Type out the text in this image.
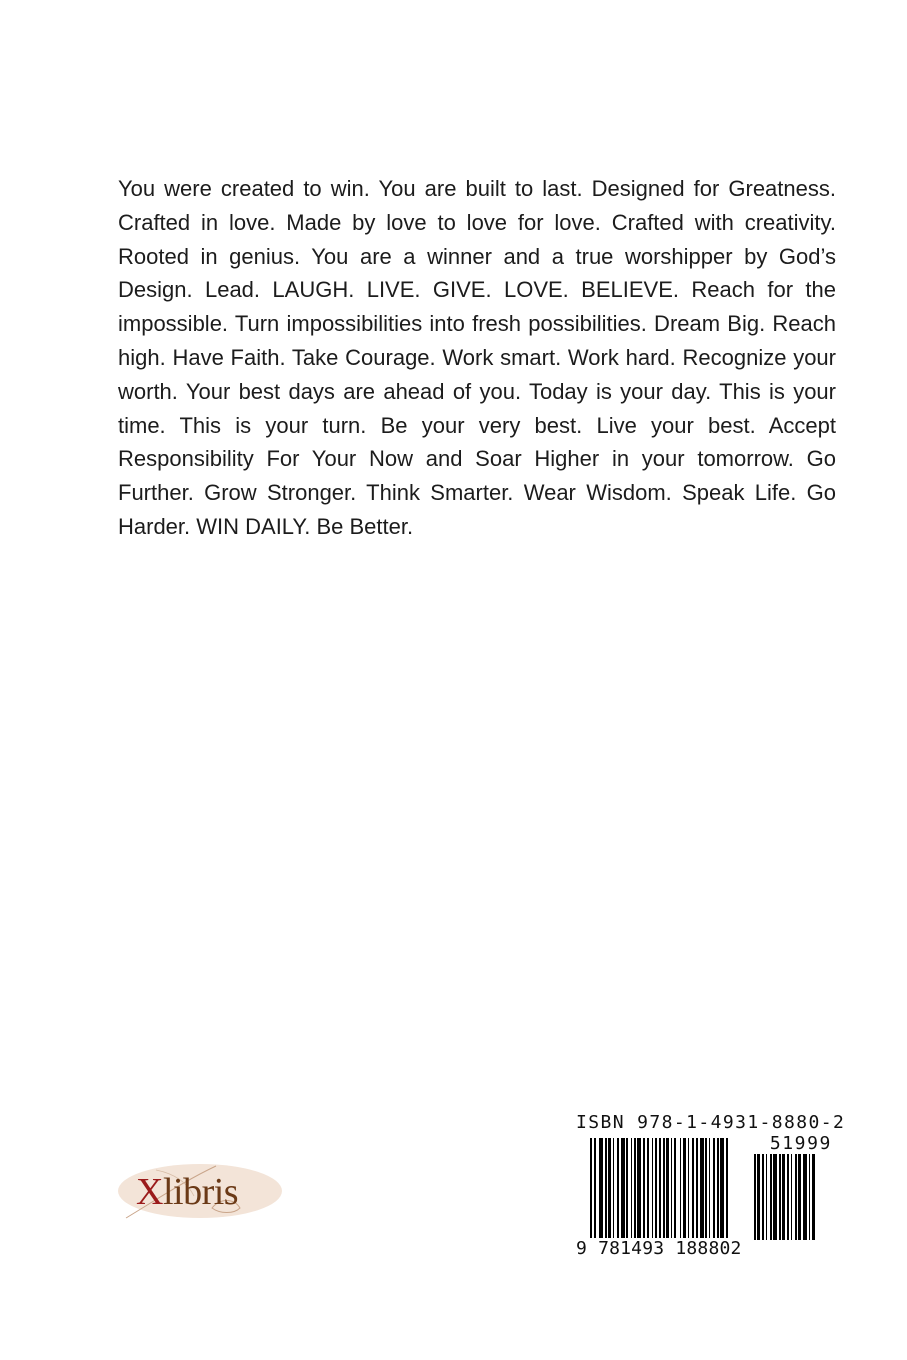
You were created to win. You are built to last. Designed for Greatness. Crafted in love. Made by love to love for love. Crafted with creativity. Rooted in genius. You are a winner and a true worshipper by God’s Design. Lead. LAUGH. LIVE. GIVE. LOVE. BELIEVE. Reach for the impossible. Turn impossibilities into fresh possibilities. Dream Big. Reach high. Have Faith. Take Courage. Work smart. Work hard. Recognize your worth. Your best days are ahead of you. Today is your day. This is your time. This is your turn. Be your very best. Live your best. Accept Responsibility For Your Now and Soar Higher in your tomorrow. Go Further. Grow Stronger. Think Smarter. Wear Wisdom. Speak Life. Go Harder. WIN DAILY. Be Better.

Xlibris
ISBN 978-1-4931-8880-2
51999
9 781493 188802
